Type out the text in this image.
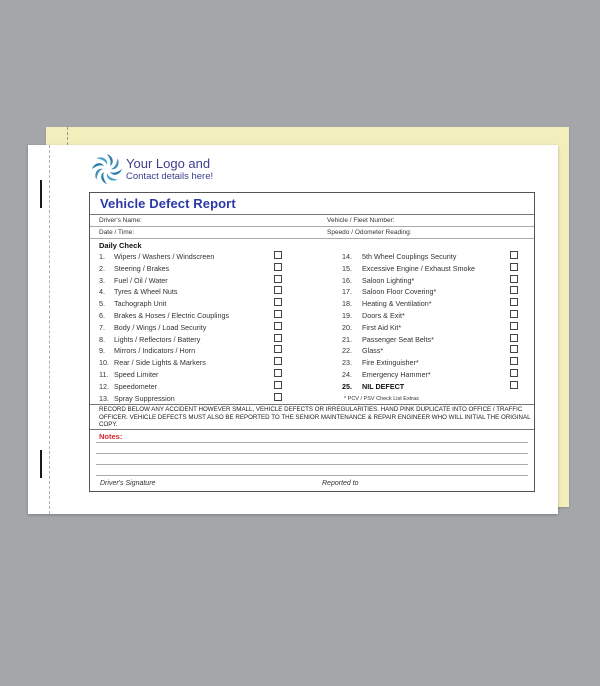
Your Logo and
Contact details here!
Vehicle Defect Report
Driver's Name:	Vehicle / Fleet Number:
Date / Time:	Speedo / Odometer Reading:
Daily Check
1. Wipers / Washers / Windscreen
2. Steering / Brakes
3. Fuel / Oil / Water
4. Tyres & Wheel Nuts
5. Tachograph Unit
6. Brakes & Hoses / Electric Couplings
7. Body / Wings / Load Security
8. Lights / Reflectors / Battery
9. Mirrors / Indicators / Horn
10. Rear / Side Lights & Markers
11. Speed Limiter
12. Speedometer
13. Spray Suppression
14. 5th Wheel Couplings Security
15. Excessive Engine / Exhaust Smoke
16. Saloon Lighting*
17. Saloon Floor Covering*
18. Heating & Ventilation*
19. Doors & Exit*
20. First Aid Kit*
21. Passenger Seat Belts*
22. Glass*
23. Fire Extinguisher*
24. Emergency Hammer*
25. NIL DEFECT
* PCV / PSV Check List Extras
RECORD BELOW ANY ACCIDENT HOWEVER SMALL, VEHICLE DEFECTS OR IRREGULARITIES. HAND PINK DUPLICATE INTO OFFICE / TRAFFIC OFFICER. VEHICLE DEFECTS MUST ALSO BE REPORTED TO THE SENIOR MAINTENANCE & REPAIR ENGINEER WHO WILL INITIAL THE ORIGINAL COPY.
Notes:
Driver's Signature	Reported to
